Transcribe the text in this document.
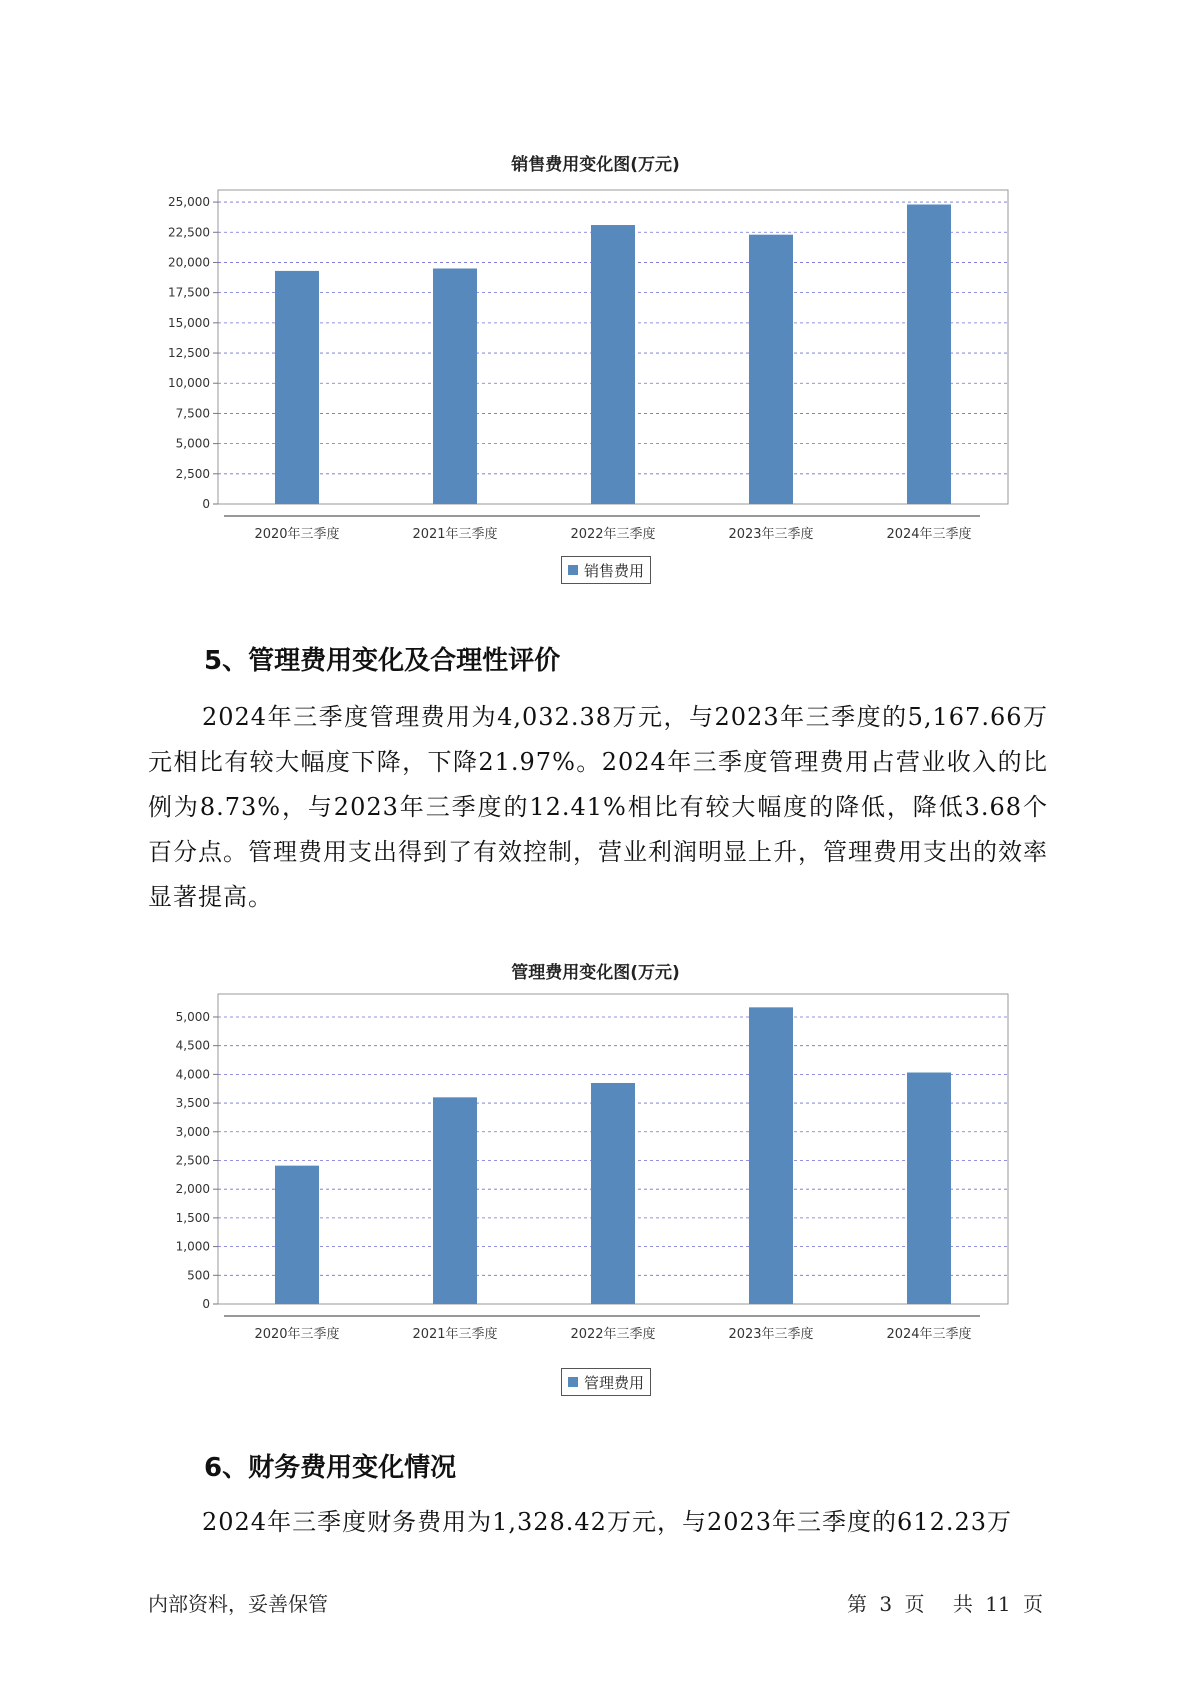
销售费用变化图(万元)
0
2,500
5,000
7,500
10,000
12,500
15,000
17,500
20,000
22,500
25,000
2020年三季度	2021年三季度	2022年三季度	2023年三季度	2024年三季度
销售费用
5、管理费用变化及合理性评价

2024年三季度管理费用为4,032.38万元，与2023年三季度的5,167.66万元相比有较大幅度下降，下降21.97%。2024年三季度管理费用占营业收入的比例为8.73%，与2023年三季度的12.41%相比有较大幅度的降低，降低3.68个百分点。管理费用支出得到了有效控制，营业利润明显上升，管理费用支出的效率显著提高。

管理费用变化图(万元)
0
500
1,000
1,500
2,000
2,500
3,000
3,500
4,000
4,500
5,000
2020年三季度	2021年三季度	2022年三季度	2023年三季度	2024年三季度
管理费用
6、财务费用变化情况

2024年三季度财务费用为1,328.42万元，与2023年三季度的612.23万

内部资料，妥善保管	第 3 页 共 11 页
